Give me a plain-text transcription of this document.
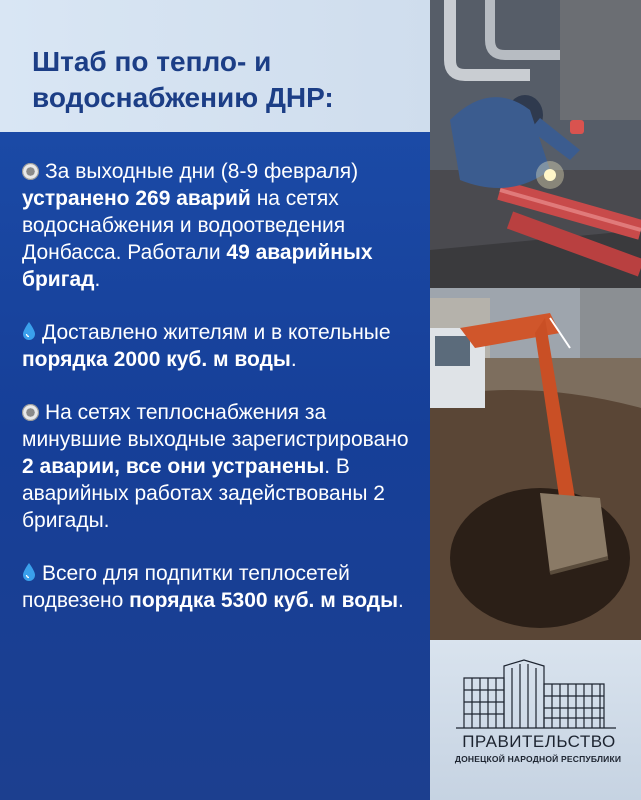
Штаб по тепло- и
водоснабжению ДНР:

За выходные дни (8-9 февраля) устранено 269 аварий на сетях водоснабжения и водоотведения Донбасса. Работали 49 аварийных бригад.

Доставлено жителям и в котельные порядка 2000 куб. м воды.

На сетях теплоснабжения за минувшие выходные зарегистрировано 2 аварии, все они устранены. В аварийных работах задействованы 2 бригады.

Всего для подпитки теплосетей подвезено порядка 5300 куб. м воды.

ПРАВИТЕЛЬСТВО
ДОНЕЦКОЙ НАРОДНОЙ РЕСПУБЛИКИ
